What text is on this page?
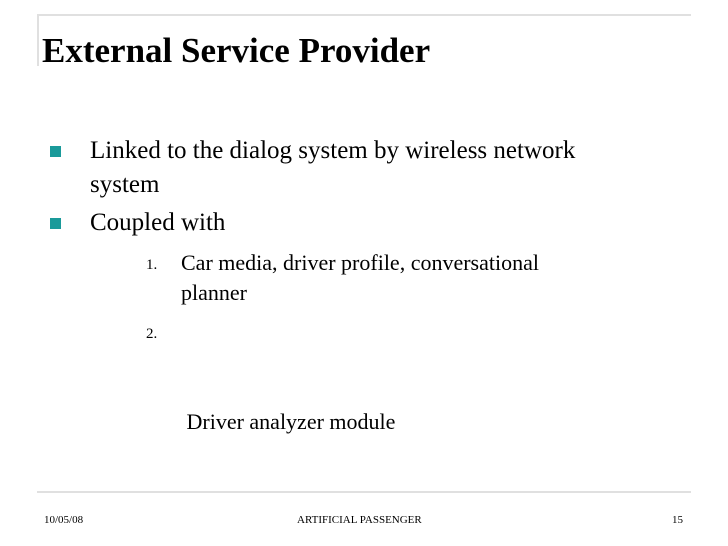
External Service Provider
Linked to the dialog system by wireless network
system
Coupled with
1. Car media, driver profile, conversational
planner

2.

Driver analyzer module

10/05/08	ARTIFICIAL PASSENGER	15
